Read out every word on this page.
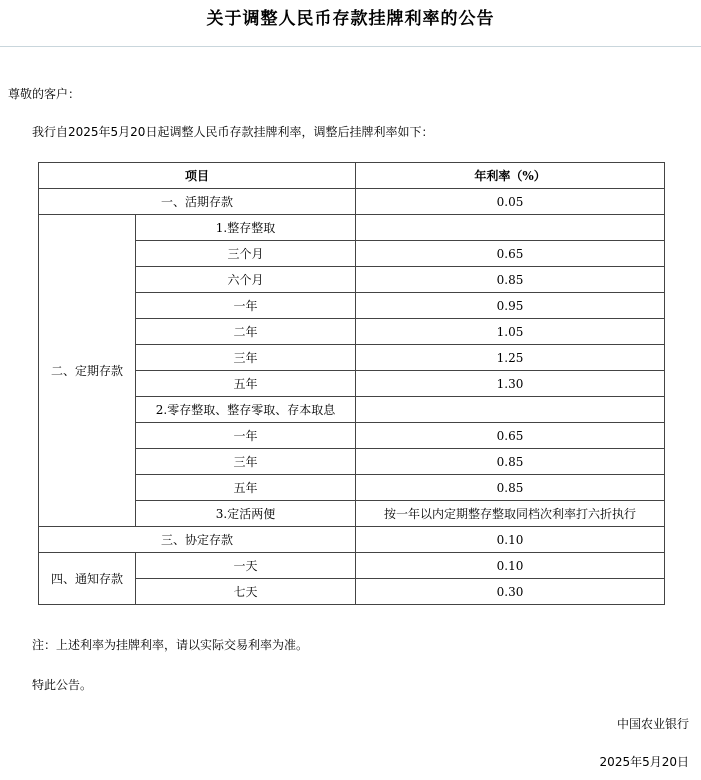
关于调整人民币存款挂牌利率的公告
尊敬的客户：
我行自2025年5月20日起调整人民币存款挂牌利率，调整后挂牌利率如下：
项目		年利率（%）
一、活期存款		0.05
二、定期存款	1.整存整取	
	三个月	0.65
	六个月	0.85
	一年	0.95
	二年	1.05
	三年	1.25
	五年	1.30
	2.零存整取、整存零取、存本取息	
	一年	0.65
	三年	0.85
	五年	0.85
	3.定活两便	按一年以内定期整存整取同档次利率打六折执行
三、协定存款		0.10
四、通知存款	一天	0.10
	七天	0.30
注：上述利率为挂牌利率，请以实际交易利率为准。
特此公告。
中国农业银行
2025年5月20日
